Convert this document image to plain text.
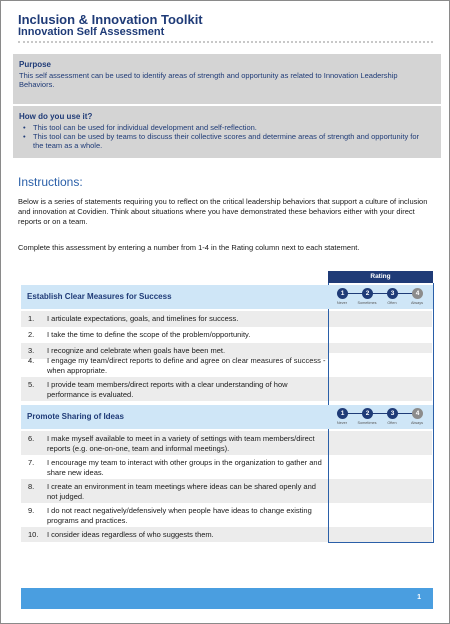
Inclusion & Innovation Toolkit
Innovation Self Assessment
Purpose
This self assessment can be used to identify areas of strength and opportunity as related to Innovation Leadership Behaviors.
How do you use it?
• This tool can be used for individual development and self-reflection.
• This tool can be used by teams to discuss their collective scores and determine areas of strength and opportunity for the team as a whole.
Instructions:
Below is a series of statements requiring you to reflect on the critical leadership behaviors that support a culture of inclusion and innovation at Covidien. Think about situations where you have demonstrated these behaviors either with your direct reports or on a team.
Complete this assessment by entering a number from 1-4 in the Rating column next to each statement.
Rating
Establish Clear Measures for Success	1	2	3	4
Never	Sometimes	Often	Always
1. I articulate expectations, goals, and timelines for success.
2. I take the time to define the scope of the problem/opportunity.
3. I recognize and celebrate when goals have been met.
4. I engage my team/direct reports to define and agree on clear measures of success - when appropriate.
5. I provide team members/direct reports with a clear understanding of how performance is evaluated.
Promote Sharing of Ideas	1	2	3	4
Never	Sometimes	Often	Always
6. I make myself available to meet in a variety of settings with team members/direct reports (e.g. one-on-one, team and informal meetings).
7. I encourage my team to interact with other groups in the organization to gather and share new ideas.
8. I create an environment in team meetings where ideas can be shared openly and not judged.
9. I do not react negatively/defensively when people have ideas to change existing programs and practices.
10. I consider ideas regardless of who suggests them.
1
